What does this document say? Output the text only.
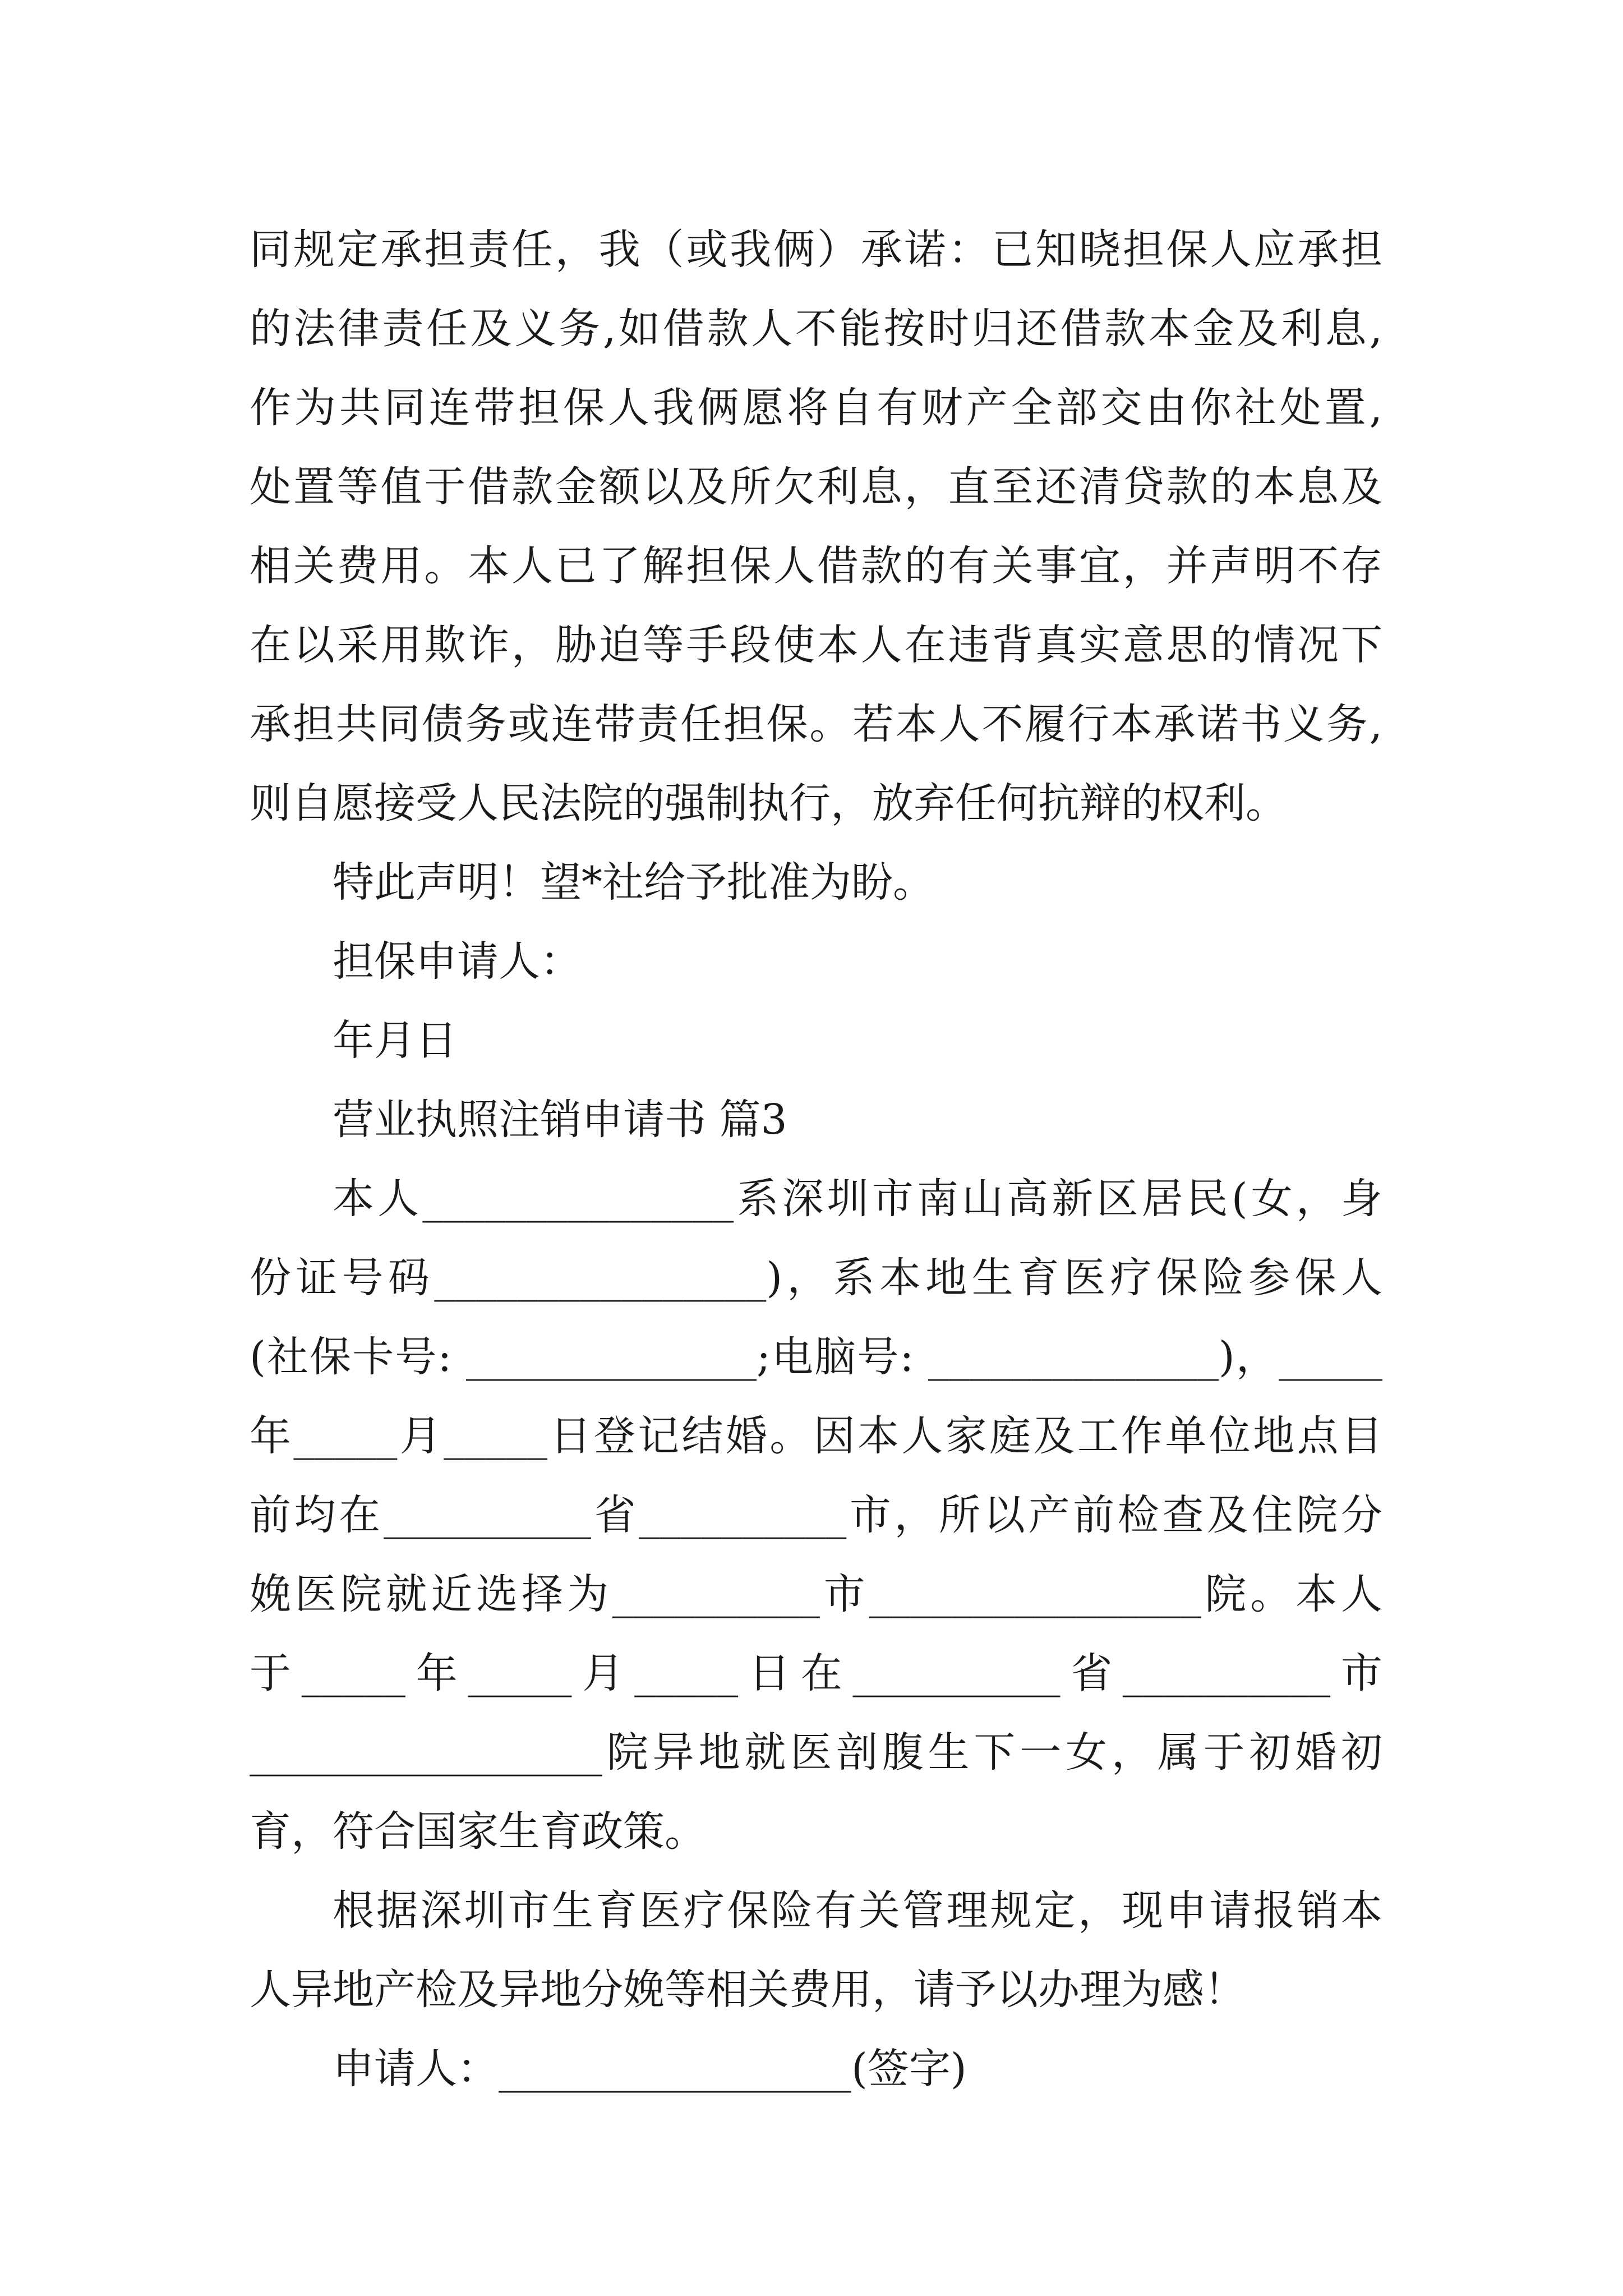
同规定承担责任，我（或我俩）承诺：已知晓担保人应承担
的法律责任及义务,如借款人不能按时归还借款本金及利息,
作为共同连带担保人我俩愿将自有财产全部交由你社处置,
处置等值于借款金额以及所欠利息，直至还清贷款的本息及
相关费用。本人已了解担保人借款的有关事宜，并声明不存
在以采用欺诈，胁迫等手段使本人在违背真实意思的情况下
承担共同债务或连带责任担保。若本人不履行本承诺书义务,
则自愿接受人民法院的强制执行，放弃任何抗辩的权利。
特此声明！望*社给予批准为盼。
担保申请人：
年月日
营业执照注销申请书 篇3
本人_______________系深圳市南山高新区居民(女，身
份证号码________________)，系本地生育医疗保险参保人
(社保卡号: ______________;电脑号: ______________)，_____
年_____月_____日登记结婚。因本人家庭及工作单位地点目
前均在__________省__________市，所以产前检查及住院分
娩医院就近选择为__________市________________院。本人
于_____年_____月_____日在__________省__________市
_________________院异地就医剖腹生下一女，属于初婚初
育，符合国家生育政策。
根据深圳市生育医疗保险有关管理规定，现申请报销本
人异地产检及异地分娩等相关费用，请予以办理为感！
申请人：_________________(签字)
